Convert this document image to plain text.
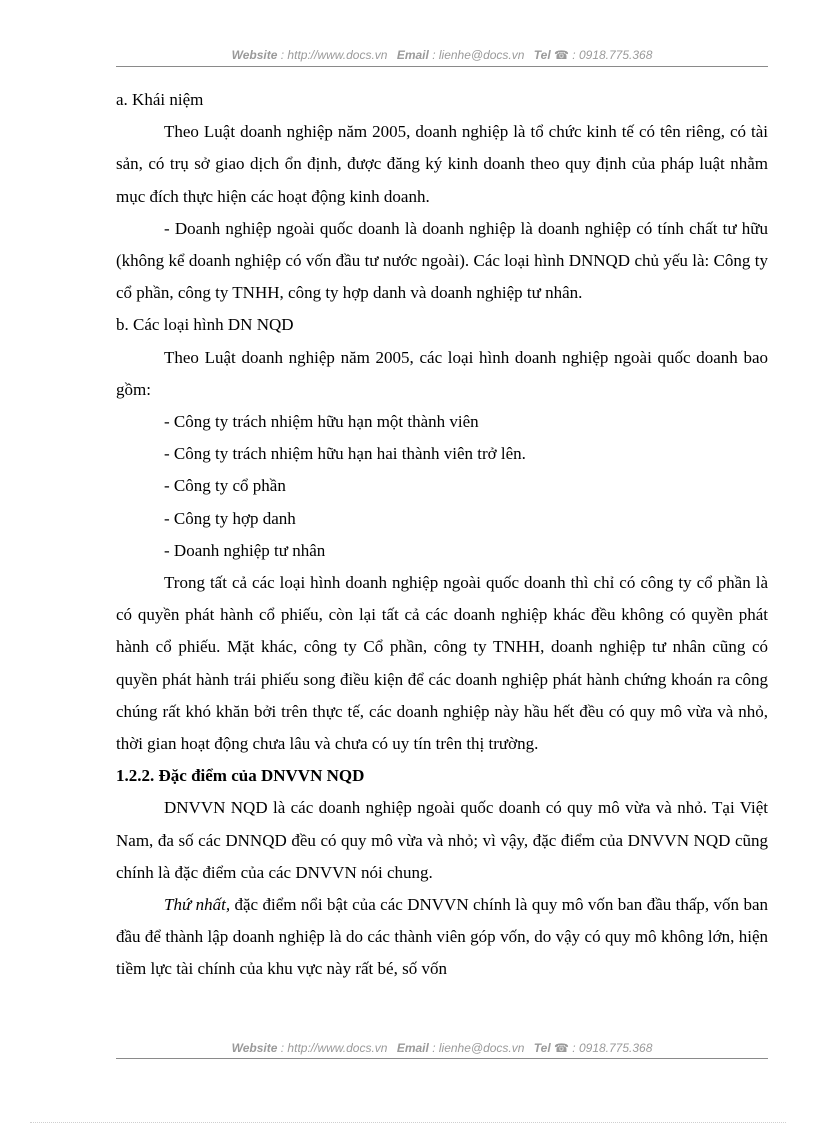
Website : http://www.docs.vn Email : lienhe@docs.vn Tel ☎ : 0918.775.368

a. Khái niệm

Theo Luật doanh nghiệp năm 2005, doanh nghiệp là tổ chức kinh tế có tên riêng, có tài sản, có trụ sở giao dịch ổn định, được đăng ký kinh doanh theo quy định của pháp luật nhằm mục đích thực hiện các hoạt động kinh doanh.

- Doanh nghiệp ngoài quốc doanh là doanh nghiệp là doanh nghiệp có tính chất tư hữu (không kể doanh nghiệp có vốn đầu tư nước ngoài). Các loại hình DNNQD chủ yếu là: Công ty cổ phần, công ty TNHH, công ty hợp danh và doanh nghiệp tư nhân.

b. Các loại hình DN NQD

Theo Luật doanh nghiệp năm 2005, các loại hình doanh nghiệp ngoài quốc doanh bao gồm:

- Công ty trách nhiệm hữu hạn một thành viên

- Công ty trách nhiệm hữu hạn hai thành viên trở lên.

- Công ty cổ phần

- Công ty hợp danh

- Doanh nghiệp tư nhân

Trong tất cả các loại hình doanh nghiệp ngoài quốc doanh thì chỉ có công ty cổ phần là có quyền phát hành cổ phiếu, còn lại tất cả các doanh nghiệp khác đều không có quyền phát hành cổ phiếu. Mặt khác, công ty Cổ phần, công ty TNHH, doanh nghiệp tư nhân cũng có quyền phát hành trái phiếu song điều kiện để các doanh nghiệp phát hành chứng khoán ra công chúng rất khó khăn bởi trên thực tế, các doanh nghiệp này hầu hết đều có quy mô vừa và nhỏ, thời gian hoạt động chưa lâu và chưa có uy tín trên thị trường.

1.2.2. Đặc điểm của DNVVN NQD

DNVVN NQD là các doanh nghiệp ngoài quốc doanh có quy mô vừa và nhỏ. Tại Việt Nam, đa số các DNNQD đều có quy mô vừa và nhỏ; vì vậy, đặc điểm của DNVVN NQD cũng chính là đặc điểm của các DNVVN nói chung.

Thứ nhất, đặc điểm nổi bật của các DNVVN chính là quy mô vốn ban đầu thấp, vốn ban đầu để thành lập doanh nghiệp là do các thành viên góp vốn, do vậy có quy mô không lớn, hiện tiềm lực tài chính của khu vực này rất bé, số vốn

Website : http://www.docs.vn Email : lienhe@docs.vn Tel ☎ : 0918.775.368
